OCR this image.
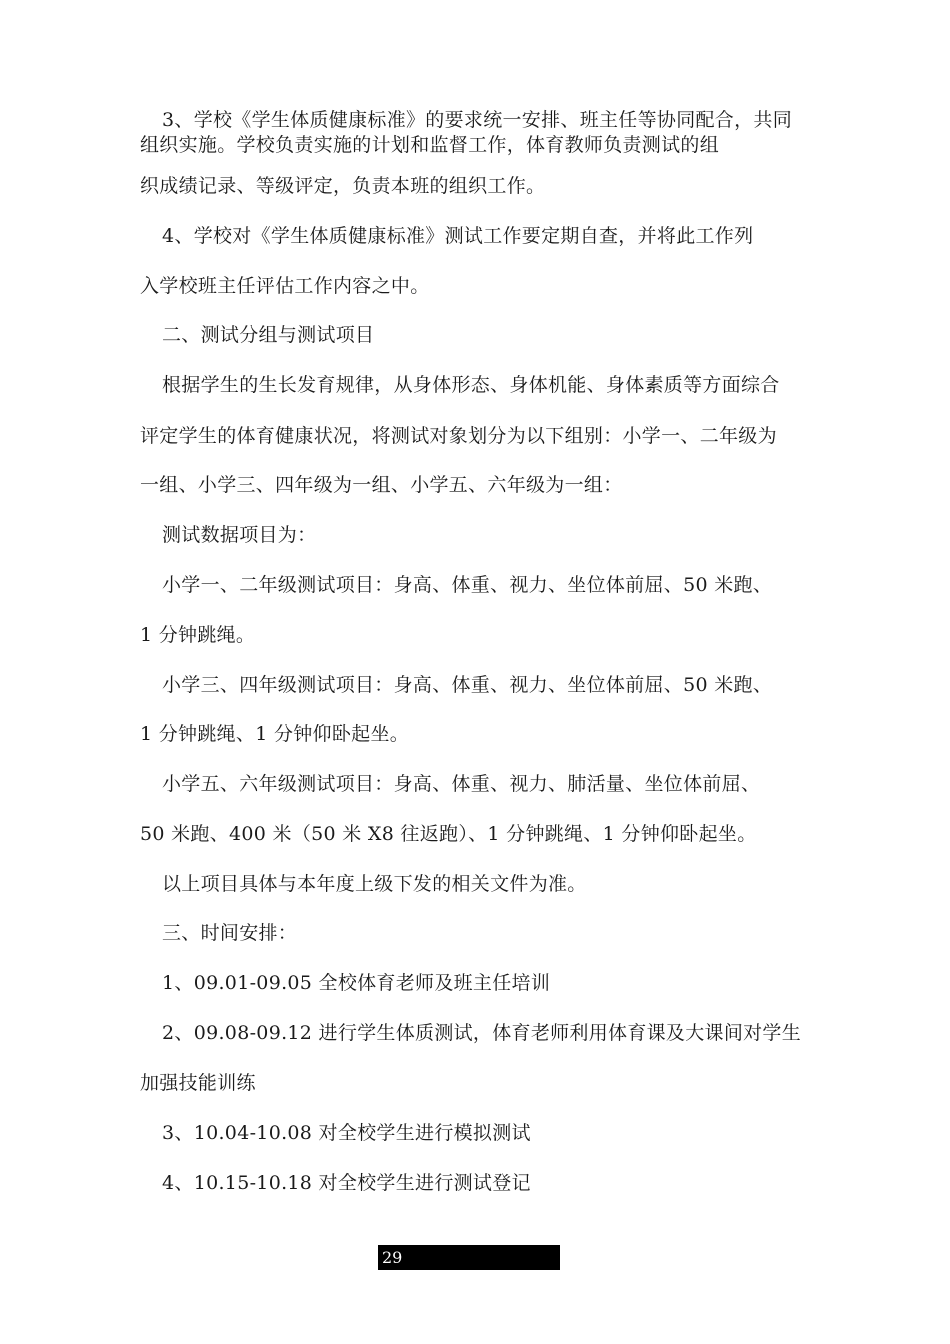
3、学校《学生体质健康标准》的要求统一安排、班主任等协同配合，共同
组织实施。学校负责实施的计划和监督工作，体育教师负责测试的组
织成绩记录、等级评定，负责本班的组织工作。
4、学校对《学生体质健康标准》测试工作要定期自查，并将此工作列
入学校班主任评估工作内容之中。
二、测试分组与测试项目
根据学生的生长发育规律，从身体形态、身体机能、身体素质等方面综合
评定学生的体育健康状况，将测试对象划分为以下组别：小学一、二年级为
一组、小学三、四年级为一组、小学五、六年级为一组：
测试数据项目为：
小学一、二年级测试项目：身高、体重、视力、坐位体前屈、50 米跑、
1 分钟跳绳。
小学三、四年级测试项目：身高、体重、视力、坐位体前屈、50 米跑、
1 分钟跳绳、1 分钟仰卧起坐。
小学五、六年级测试项目：身高、体重、视力、肺活量、坐位体前屈、
50 米跑、400 米（50 米 X8 往返跑）、1 分钟跳绳、1 分钟仰卧起坐。
以上项目具体与本年度上级下发的相关文件为准。
三、时间安排：
1、09.01-09.05 全校体育老师及班主任培训
2、09.08-09.12 进行学生体质测试，体育老师利用体育课及大课间对学生
加强技能训练
3、10.04-10.08 对全校学生进行模拟测试
4、10.15-10.18 对全校学生进行测试登记
29
